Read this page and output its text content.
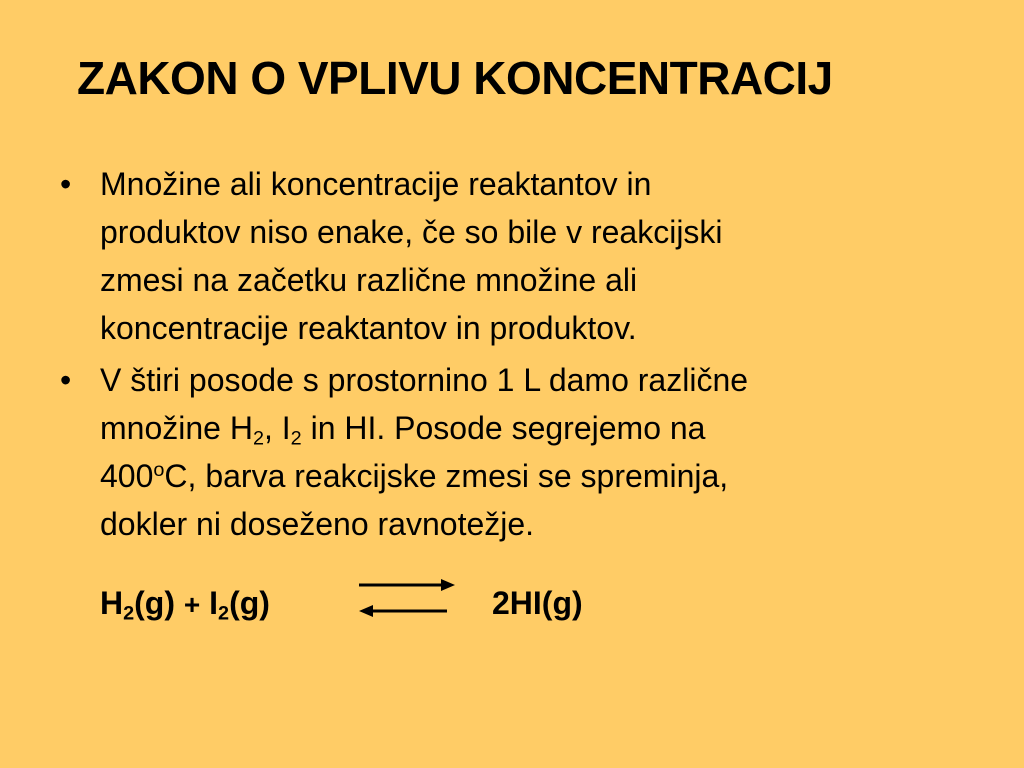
ZAKON O VPLIVU KONCENTRACIJ
• Množine ali koncentracije reaktantov in
produktov niso enake, če so bile v reakcijski
zmesi na začetku različne množine ali
koncentracije reaktantov in produktov.
• V štiri posode s prostornino 1 L damo različne
množine $H_2$, $I_2$ in HI. Posode segrejemo na
400$^o$C, barva reakcijske zmesi se spreminja,
dokler ni doseženo ravnotežje.
$H_2(g) + I_2(g)$	2HI(g)
